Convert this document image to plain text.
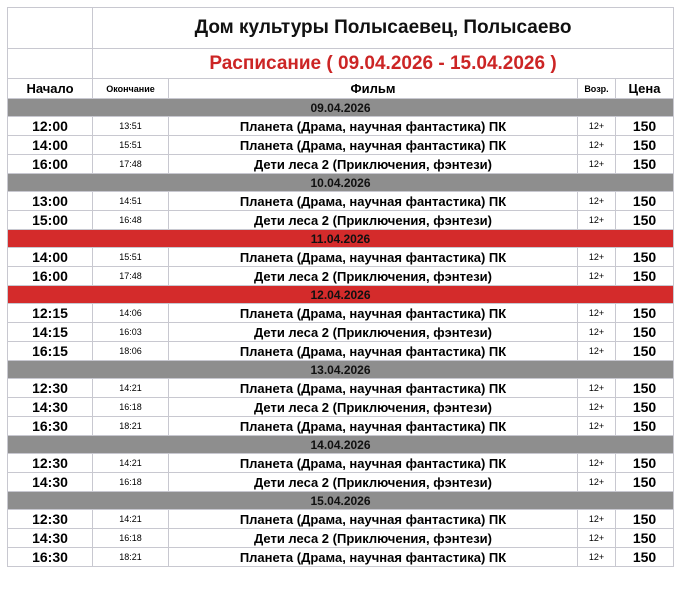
	Дом культуры Полысаевец, Полысаево			
	Расписание ( 09.04.2026 - 15.04.2026 )			
Начало	Окончание	Фильм	Возр.	Цена
09.04.2026				
12:00	13:51	Планета (Драма, научная фантастика) ПК	12+	150
14:00	15:51	Планета (Драма, научная фантастика) ПК	12+	150
16:00	17:48	Дети леса 2 (Приключения, фэнтези)	12+	150
10.04.2026				
13:00	14:51	Планета (Драма, научная фантастика) ПК	12+	150
15:00	16:48	Дети леса 2 (Приключения, фэнтези)	12+	150
11.04.2026				
14:00	15:51	Планета (Драма, научная фантастика) ПК	12+	150
16:00	17:48	Дети леса 2 (Приключения, фэнтези)	12+	150
12.04.2026				
12:15	14:06	Планета (Драма, научная фантастика) ПК	12+	150
14:15	16:03	Дети леса 2 (Приключения, фэнтези)	12+	150
16:15	18:06	Планета (Драма, научная фантастика) ПК	12+	150
13.04.2026				
12:30	14:21	Планета (Драма, научная фантастика) ПК	12+	150
14:30	16:18	Дети леса 2 (Приключения, фэнтези)	12+	150
16:30	18:21	Планета (Драма, научная фантастика) ПК	12+	150
14.04.2026				
12:30	14:21	Планета (Драма, научная фантастика) ПК	12+	150
14:30	16:18	Дети леса 2 (Приключения, фэнтези)	12+	150
15.04.2026				
12:30	14:21	Планета (Драма, научная фантастика) ПК	12+	150
14:30	16:18	Дети леса 2 (Приключения, фэнтези)	12+	150
16:30	18:21	Планета (Драма, научная фантастика) ПК	12+	150
